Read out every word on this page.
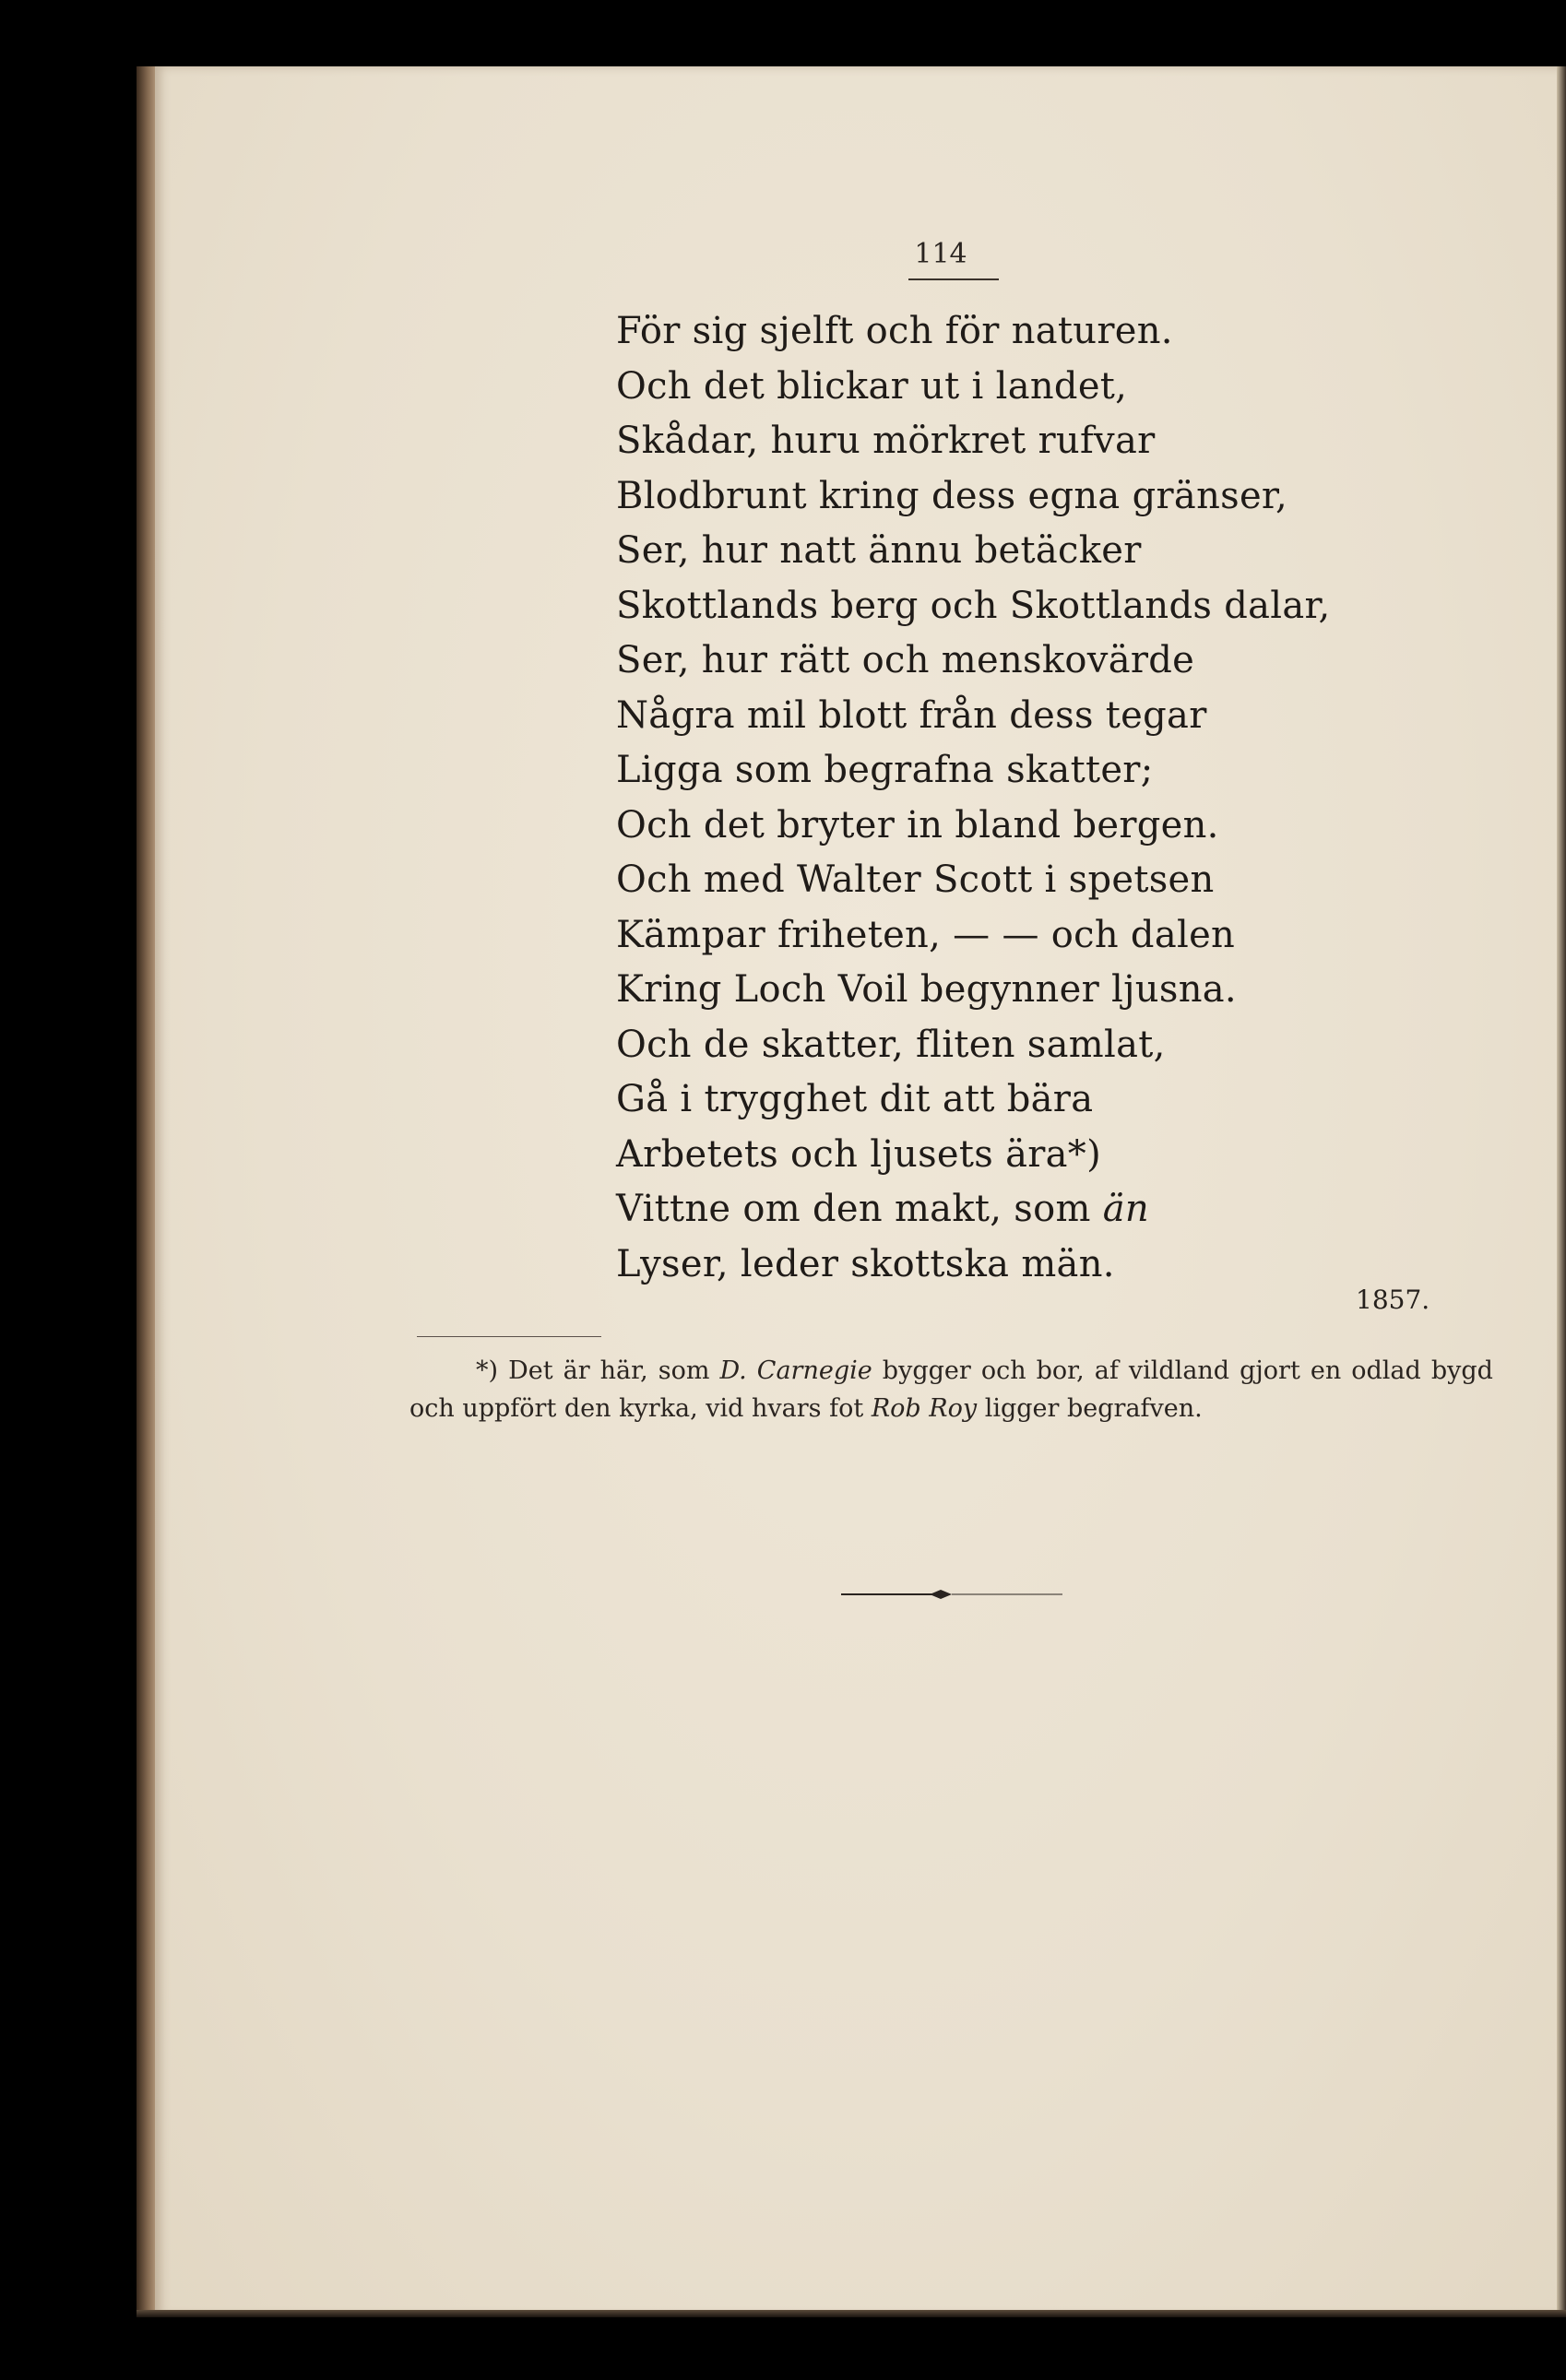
114
För sig sjelft och för naturen.
Och det blickar ut i landet,
Skådar, huru mörkret rufvar
Blodbrunt kring dess egna gränser,
Ser, hur natt ännu betäcker
Skottlands berg och Skottlands dalar,
Ser, hur rätt och menskovärde
Några mil blott från dess tegar
Ligga som begrafna skatter;
Och det bryter in bland bergen.
Och med Walter Scott i spetsen
Kämpar friheten, — — och dalen
Kring Loch Voil begynner ljusna.
Och de skatter, fliten samlat,
Gå i trygghet dit att bära
Arbetets och ljusets ära*)
Vittne om den makt, som än
Lyser, leder skottska män.
1857.
*) Det är här, som D. Carnegie bygger och bor, af vildland gjort en odlad bygd och uppfört den kyrka, vid hvars fot Rob Roy ligger begrafven.
